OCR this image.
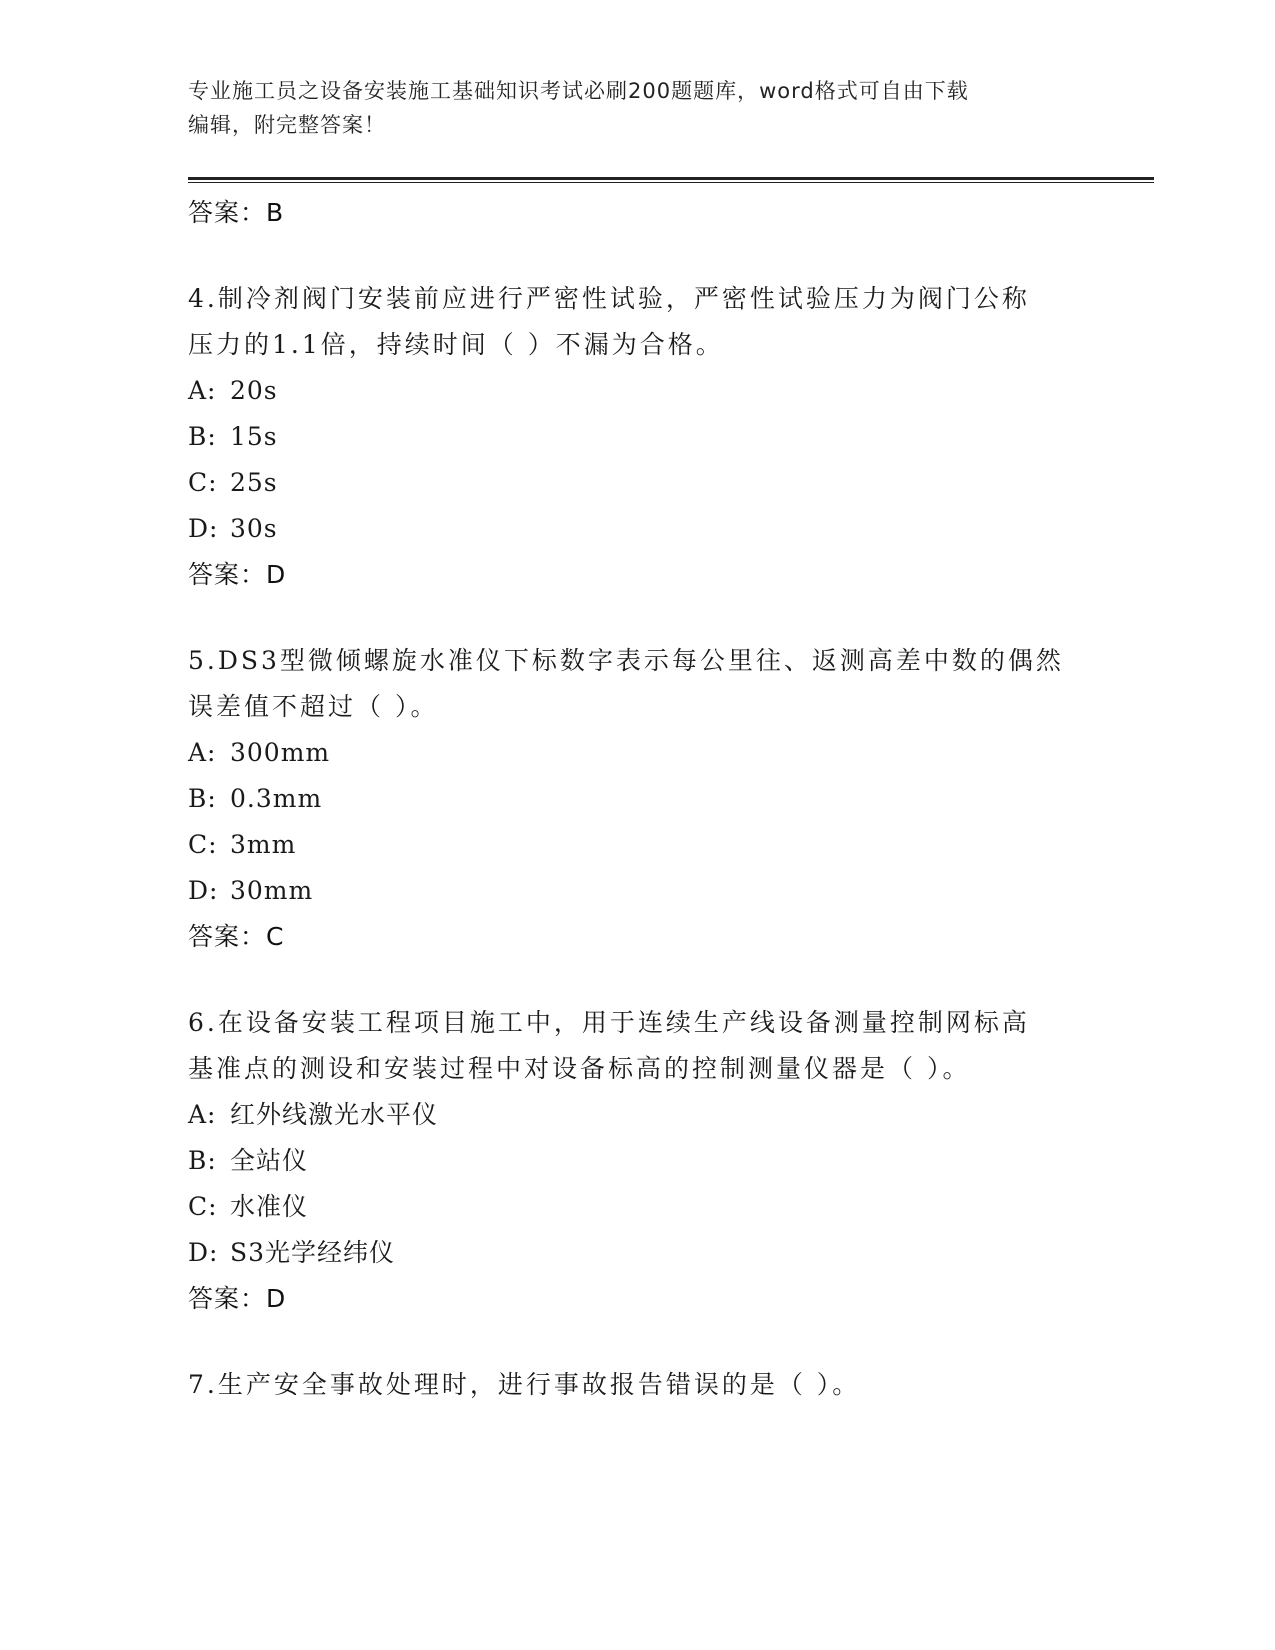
专业施工员之设备安装施工基础知识考试必刷200题题库，word格式可自由下载
编辑，附完整答案！
答案：B
4.制冷剂阀门安装前应进行严密性试验，严密性试验压力为阀门公称
压力的1.1倍，持续时间（ ）不漏为合格。
A: 20s
B: 15s
C: 25s
D: 30s
答案：D
5.DS3型微倾螺旋水准仪下标数字表示每公里往、返测高差中数的偶然
误差值不超过（ ）。
A: 300mm
B: 0.3mm
C: 3mm
D: 30mm
答案：C
6.在设备安装工程项目施工中，用于连续生产线设备测量控制网标高
基准点的测设和安装过程中对设备标高的控制测量仪器是（ ）。
A: 红外线激光水平仪
B: 全站仪
C: 水准仪
D: S3光学经纬仪
答案：D
7.生产安全事故处理时，进行事故报告错误的是（ ）。
